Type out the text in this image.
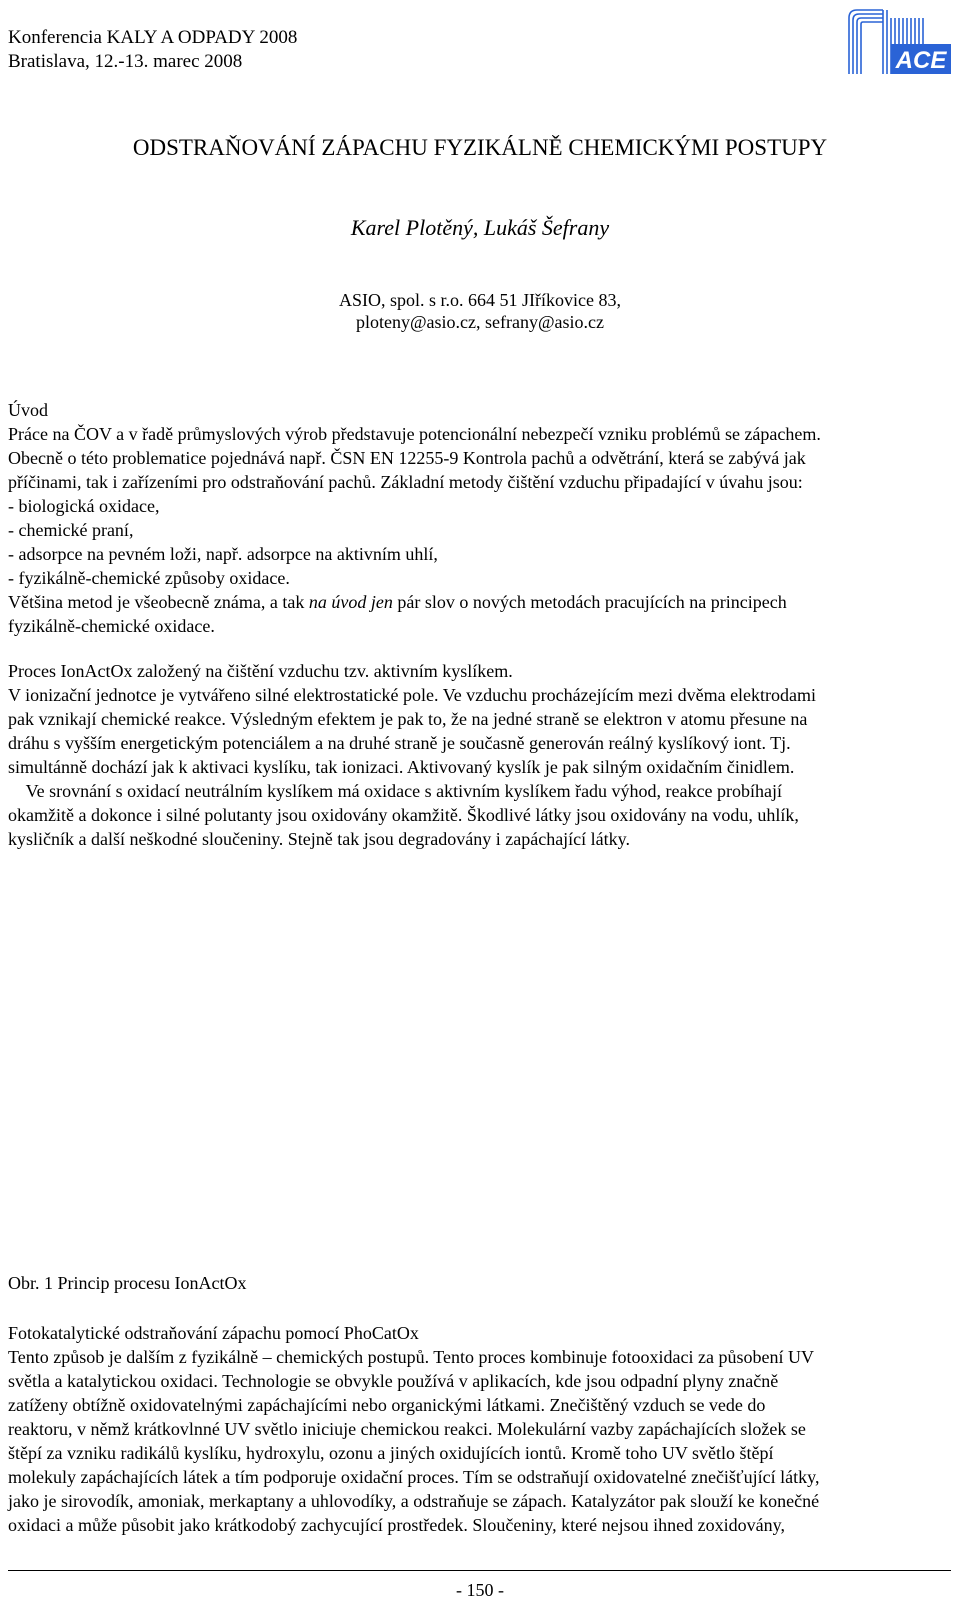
Konferencia KALY A ODPADY 2008
Bratislava, 12.-13. marec 2008	ACE
ODSTRAŇOVÁNÍ ZÁPACHU FYZIKÁLNĚ CHEMICKÝMI POSTUPY
Karel Plotěný, Lukáš Šefrany
ASIO, spol. s r.o. 664 51 JIříkovice 83,
ploteny@asio.cz, sefrany@asio.cz
Úvod
Práce na ČOV a v řadě průmyslových výrob představuje potencionální nebezpečí vzniku problémů se zápachem.
Obecně o této problematice pojednává např. ČSN EN 12255-9 Kontrola pachů a odvětrání, která se zabývá jak
příčinami, tak i zařízeními pro odstraňování pachů. Základní metody čištění vzduchu připadající v úvahu jsou:
- biologická oxidace,
- chemické praní,
- adsorpce na pevném loži, např. adsorpce na aktivním uhlí,
- fyzikálně-chemické způsoby oxidace.
Většina metod je všeobecně známa, a tak na úvod jen pár slov o nových metodách pracujících na principech
fyzikálně-chemické oxidace.
Proces IonActOx založený na čištění vzduchu tzv. aktivním kyslíkem.
V ionizační jednotce je vytvářeno silné elektrostatické pole. Ve vzduchu procházejícím mezi dvěma elektrodami
pak vznikají chemické reakce. Výsledným efektem je pak to, že na jedné straně se elektron v atomu přesune na
dráhu s vyšším energetickým potenciálem a na druhé straně je současně generován reálný kyslíkový iont. Tj.
simultánně dochází jak k aktivaci kyslíku, tak ionizaci. Aktivovaný kyslík je pak silným oxidačním činidlem.
Ve srovnání s oxidací neutrálním kyslíkem má oxidace s aktivním kyslíkem řadu výhod, reakce probíhají
okamžitě a dokonce i silné polutanty jsou oxidovány okamžitě. Škodlivé látky jsou oxidovány na vodu, uhlík,
kysličník a další neškodné sloučeniny. Stejně tak jsou degradovány i zapáchající látky.
Obr. 1 Princip procesu IonActOx
Fotokatalytické odstraňování zápachu pomocí PhoCatOx
Tento způsob je dalším z fyzikálně – chemických postupů. Tento proces kombinuje fotooxidaci za působení UV
světla a katalytickou oxidaci. Technologie se obvykle používá v aplikacích, kde jsou odpadní plyny značně
zatíženy obtížně oxidovatelnými zapáchajícími nebo organickými látkami. Znečištěný vzduch se vede do
reaktoru, v němž krátkovlnné UV světlo iniciuje chemickou reakci. Molekulární vazby zapáchajících složek se
štěpí za vzniku radikálů kyslíku, hydroxylu, ozonu a jiných oxidujících iontů. Kromě toho UV světlo štěpí
molekuly zapáchajících látek a tím podporuje oxidační proces. Tím se odstraňují oxidovatelné znečišťující látky,
jako je sirovodík, amoniak, merkaptany a uhlovodíky, a odstraňuje se zápach. Katalyzátor pak slouží ke konečné
oxidaci a může působit jako krátkodobý zachycující prostředek. Sloučeniny, které nejsou ihned zoxidovány,
- 150 -
